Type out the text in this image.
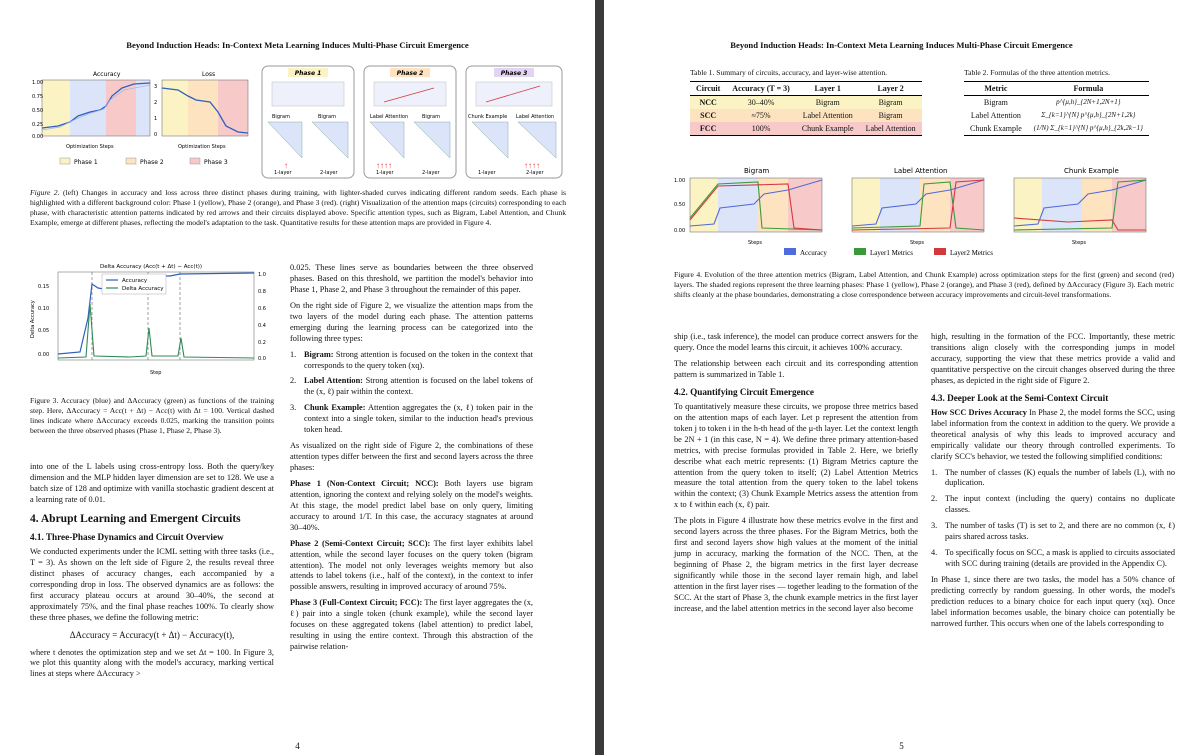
Beyond Induction Heads: In-Context Meta Learning Induces Multi-Phase Circuit Emergence
Accuracy
1.00
0.75
0.50
0.25
0.00
Optimization Steps
Loss
3
2
1
0
Optimization Steps
Phase 1	Phase 2	Phase 3
Phase 1
Bigram	Bigram
↑
1-layer	2-layer
Phase 2
Label Attention	Bigram
↑↑↑↑
1-layer	2-layer
Phase 3
Chunk Example Label Attention
↑↑↑↑
1-layer	2-layer
Figure 2. (left) Changes in accuracy and loss across three distinct phases during training, with lighter-shaded curves indicating different random seeds. Each phase is highlighted with a different background color: Phase 1 (yellow), Phase 2 (orange), and Phase 3 (red). (right) Visualization of the attention maps (circuits) corresponding to each phase, with characteristic attention patterns indicated by red arrows and their circuits displayed above. Specific attention types, such as Bigram, Label Attention, and Chunk Example, emerge at different phases, reflecting the model's adaptation to the task. Quantitative results for these attention maps are provided in Figure 4.
Delta Accuracy (Acc(t + Δt) − Acc(t))
Accuracy
Delta Accuracy
0.15
0.10
0.05
0.00
1.0
0.8
0.6
0.4
0.2
0.0
Delta Accuracy
Step
Figure 3. Accuracy (blue) and ΔAccuracy (green) as functions of the training step. Here, ΔAccuracy = Acc(t + Δt) − Acc(t) with Δt = 100. Vertical dashed lines indicate where ΔAccuracy exceeds 0.025, marking the transition points between the three observed phases (Phase 1, Phase 2, Phase 3).

into one of the L labels using cross-entropy loss. Both the query/key dimension and the MLP hidden layer dimension are set to 128. We use a batch size of 128 and optimize with vanilla stochastic gradient descent at a learning rate of 0.01.

4. Abrupt Learning and Emergent Circuits
4.1. Three-Phase Dynamics and Circuit Overview

We conducted experiments under the ICML setting with three tasks (i.e., T = 3). As shown on the left side of Figure 2, the results reveal three distinct phases of accuracy changes, each accompanied by a corresponding drop in loss. The observed dynamics are as follows: the first accuracy plateau occurs at around 30–40%, the second at approximately 75%, and the final phase reaches 100%. To clearly show these three phases, we define the following metric:

ΔAccuracy = Accuracy(t + Δt) − Accuracy(t),

where t denotes the optimization step and we set Δt = 100. In Figure 3, we plot this quantity along with the model's accuracy, marking vertical lines at steps where ΔAccuracy >

0.025. These lines serve as boundaries between the three observed phases. Based on this threshold, we partition the model's behavior into Phase 1, Phase 2, and Phase 3 throughout the remainder of this paper.

On the right side of Figure 2, we visualize the attention maps from the two layers of the model during each phase. The attention patterns emerging during the learning process can be categorized into the following three types:

1. Bigram: Strong attention is focused on the token in the context that corresponds to the query token (xq).
2. Label Attention: Strong attention is focused on the label tokens of the (x, ℓ) pair within the context.
3. Chunk Example: Attention aggregates the (x, ℓ) token pair in the context into a single token, similar to the induction head's previous token head.

As visualized on the right side of Figure 2, the combinations of these attention types differ between the first and second layers across the three phases:

Phase 1 (Non-Context Circuit; NCC): Both layers use bigram attention, ignoring the context and relying solely on the model's weights. At this stage, the model predict label base on only query, limiting accuracy to around 1/T. In this case, the accuracy stagnates at around 30–40%.

Phase 2 (Semi-Context Circuit; SCC): The first layer exhibits label attention, while the second layer focuses on the query token (bigram attention). The model not only leverages weights memory but also attends to label tokens (i.e., half of the context), in the context to infer possible answers, resulting in improved accuracy of around 75%.

Phase 3 (Full-Context Circuit; FCC): The first layer aggregates the (x, ℓ) pair into a single token (chunk example), while the second layer focuses on these aggregated tokens (label attention) to predict label, resulting in using the entire context. Through this abstraction of the pairwise relation-

4
Beyond Induction Heads: In-Context Meta Learning Induces Multi-Phase Circuit Emergence
Table 1. Summary of circuits, accuracy, and layer-wise attention.
Circuit	Accuracy (T = 3)	Layer 1	Layer 2
NCC	30–40%	Bigram	Bigram
SCC	≈75%	Label Attention	Bigram
FCC	100%	Chunk Example	Label Attention
Table 2. Formulas of the three attention metrics.
Metric	Formula
Bigram	p^{μ,h}_{2N+1,2N+1}
Label Attention	Σ_{k=1}^{N} p^{μ,h}_{2N+1,2k}
Chunk Example	(1/N) Σ_{k=1}^{N} p^{μ,h}_{2k,2k−1}
Bigram
1.00
0.50
0.00
Steps
Label Attention
Steps
Chunk Example
Steps
Accuracy	Layer1 Metrics	Layer2 Metrics
Figure 4. Evolution of the three attention metrics (Bigram, Label Attention, and Chunk Example) across optimization steps for the first (green) and second (red) layers. The shaded regions represent the three learning phases: Phase 1 (yellow), Phase 2 (orange), and Phase 3 (red), defined by ΔAccuracy (Figure 3). Each metric shifts cleanly at the phase boundaries, demonstrating a close correspondence between accuracy improvements and circuit-level transformations.

ship (i.e., task inference), the model can produce correct answers for the query. Once the model learns this circuit, it achieves 100% accuracy.

The relationship between each circuit and its corresponding attention pattern is summarized in Table 1.

4.2. Quantifying Circuit Emergence

To quantitatively measure these circuits, we propose three metrics based on the attention maps of each layer. Let p represent the attention from token j to token i in the h-th head of the μ-th layer. Let the context length be 2N + 1 (in this case, N = 4). We define three primary attention-based metrics, with precise formulas provided in Table 2. Here, we briefly describe what each metric represents: (1) Bigram Metrics capture the attention from the query token to itself; (2) Label Attention Metrics measure the total attention from the query token to the label tokens within the context; (3) Chunk Example Metrics assess the attention from x to ℓ within each (x, ℓ) pair.

The plots in Figure 4 illustrate how these metrics evolve in the first and second layers across the three phases. For the Bigram Metrics, both the first and second layers show high values at the moment of the initial jump in accuracy, marking the formation of the NCC. Then, at the beginning of Phase 2, the bigram metrics in the first layer decrease significantly while those in the second layer remain high, and label attention in the first layer rises — together leading to the formation of the SCC. At the start of Phase 3, the chunk example metrics in the first layer increase, and the label attention metrics in the second layer also become

high, resulting in the formation of the FCC. Importantly, these metric transitions align closely with the corresponding jumps in model accuracy, supporting the view that these metrics provide a valid and quantitative perspective on the circuit changes observed during the three phases, as depicted in the right side of Figure 2.

4.3. Deeper Look at the Semi-Context Circuit

How SCC Drives Accuracy In Phase 2, the model forms the SCC, using label information from the context in addition to the query. We provide a theoretical analysis of why this leads to improved accuracy and empirically validate our theory through controlled experiments. To clarify SCC's behavior, we tested the following simplified conditions:

1. The number of classes (K) equals the number of labels (L), with no duplication.
2. The input context (including the query) contains no duplicate classes.
3. The number of tasks (T) is set to 2, and there are no common (x, ℓ) pairs shared across tasks.
4. To specifically focus on SCC, a mask is applied to circuits associated with SCC during training (details are provided in the Appendix C).

In Phase 1, since there are two tasks, the model has a 50% chance of predicting correctly by random guessing. In other words, the model's prediction reduces to a binary choice for each input query (xq). Once label information becomes usable, the binary choice can potentially be narrowed further. This occurs when one of the labels corresponding to

5
